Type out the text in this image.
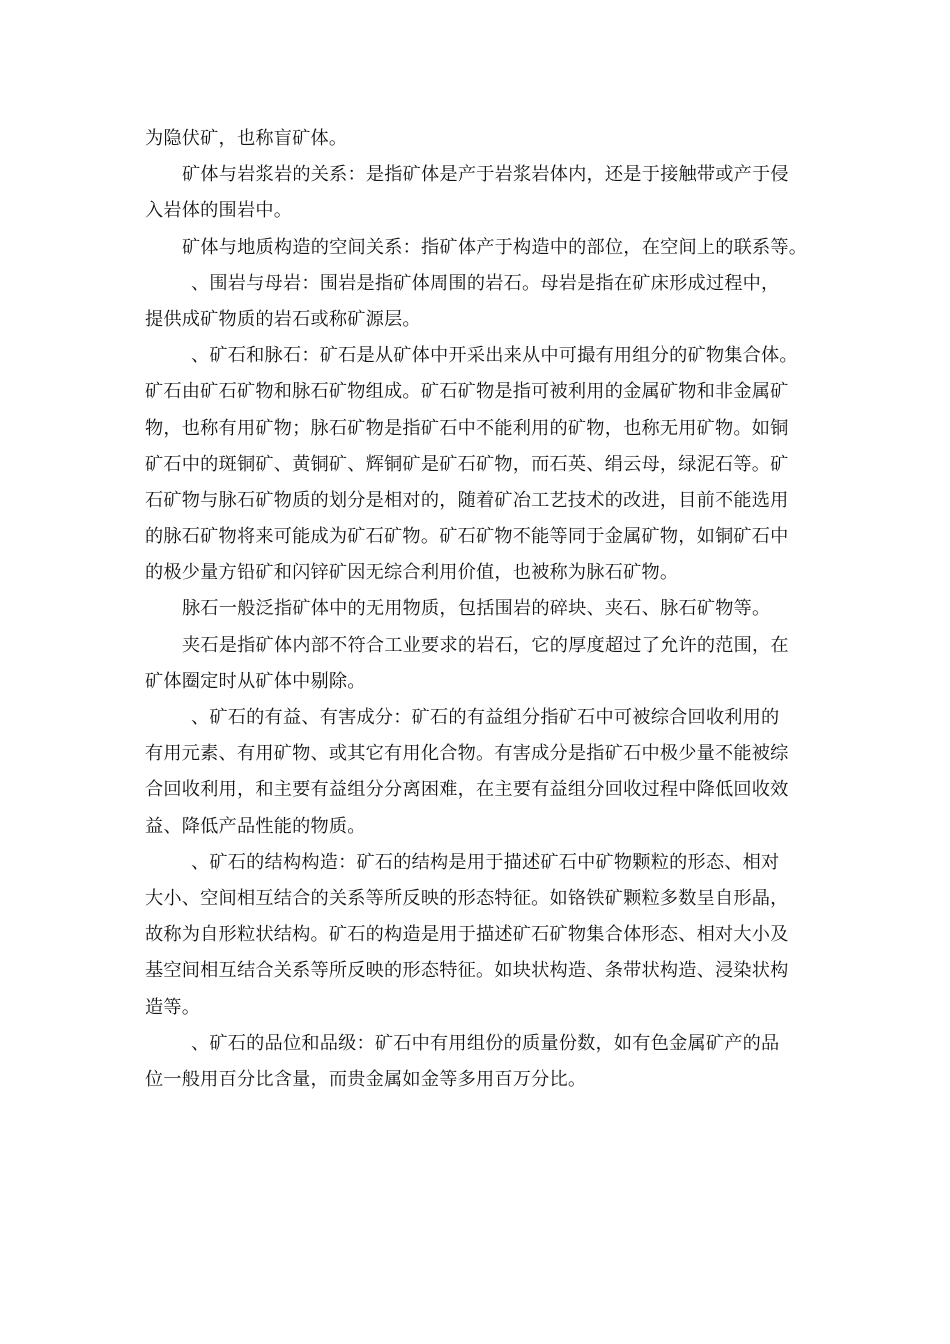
为隐伏矿，也称盲矿体。
矿体与岩浆岩的关系：是指矿体是产于岩浆岩体内，还是于接触带或产于侵
入岩体的围岩中。
矿体与地质构造的空间关系：指矿体产于构造中的部位，在空间上的联系等。
、围岩与母岩：围岩是指矿体周围的岩石。母岩是指在矿床形成过程中，
提供成矿物质的岩石或称矿源层。
、矿石和脉石：矿石是从矿体中开采出来从中可撮有用组分的矿物集合体。
矿石由矿石矿物和脉石矿物组成。矿石矿物是指可被利用的金属矿物和非金属矿
物，也称有用矿物；脉石矿物是指矿石中不能利用的矿物，也称无用矿物。如铜
矿石中的斑铜矿、黄铜矿、辉铜矿是矿石矿物，而石英、绢云母，绿泥石等。矿
石矿物与脉石矿物质的划分是相对的，随着矿冶工艺技术的改进，目前不能选用
的脉石矿物将来可能成为矿石矿物。矿石矿物不能等同于金属矿物，如铜矿石中
的极少量方铅矿和闪锌矿因无综合利用价值，也被称为脉石矿物。
脉石一般泛指矿体中的无用物质，包括围岩的碎块、夹石、脉石矿物等。
夹石是指矿体内部不符合工业要求的岩石，它的厚度超过了允许的范围，在
矿体圈定时从矿体中剔除。
、矿石的有益、有害成分：矿石的有益组分指矿石中可被综合回收利用的
有用元素、有用矿物、或其它有用化合物。有害成分是指矿石中极少量不能被综
合回收利用，和主要有益组分分离困难，在主要有益组分回收过程中降低回收效
益、降低产品性能的物质。
、矿石的结构构造：矿石的结构是用于描述矿石中矿物颗粒的形态、相对
大小、空间相互结合的关系等所反映的形态特征。如铬铁矿颗粒多数呈自形晶，
故称为自形粒状结构。矿石的构造是用于描述矿石矿物集合体形态、相对大小及
基空间相互结合关系等所反映的形态特征。如块状构造、条带状构造、浸染状构
造等。
、矿石的品位和品级：矿石中有用组份的质量份数，如有色金属矿产的品
位一般用百分比含量，而贵金属如金等多用百万分比。
